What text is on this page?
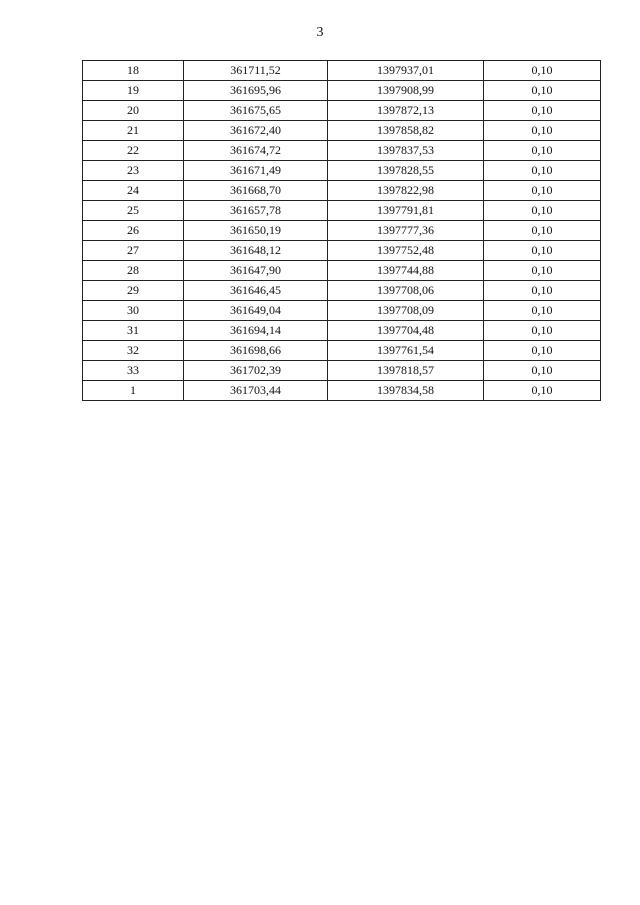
3
18	361711,52	1397937,01	0,10
19	361695,96	1397908,99	0,10
20	361675,65	1397872,13	0,10
21	361672,40	1397858,82	0,10
22	361674,72	1397837,53	0,10
23	361671,49	1397828,55	0,10
24	361668,70	1397822,98	0,10
25	361657,78	1397791,81	0,10
26	361650,19	1397777,36	0,10
27	361648,12	1397752,48	0,10
28	361647,90	1397744,88	0,10
29	361646,45	1397708,06	0,10
30	361649,04	1397708,09	0,10
31	361694,14	1397704,48	0,10
32	361698,66	1397761,54	0,10
33	361702,39	1397818,57	0,10
1	361703,44	1397834,58	0,10
